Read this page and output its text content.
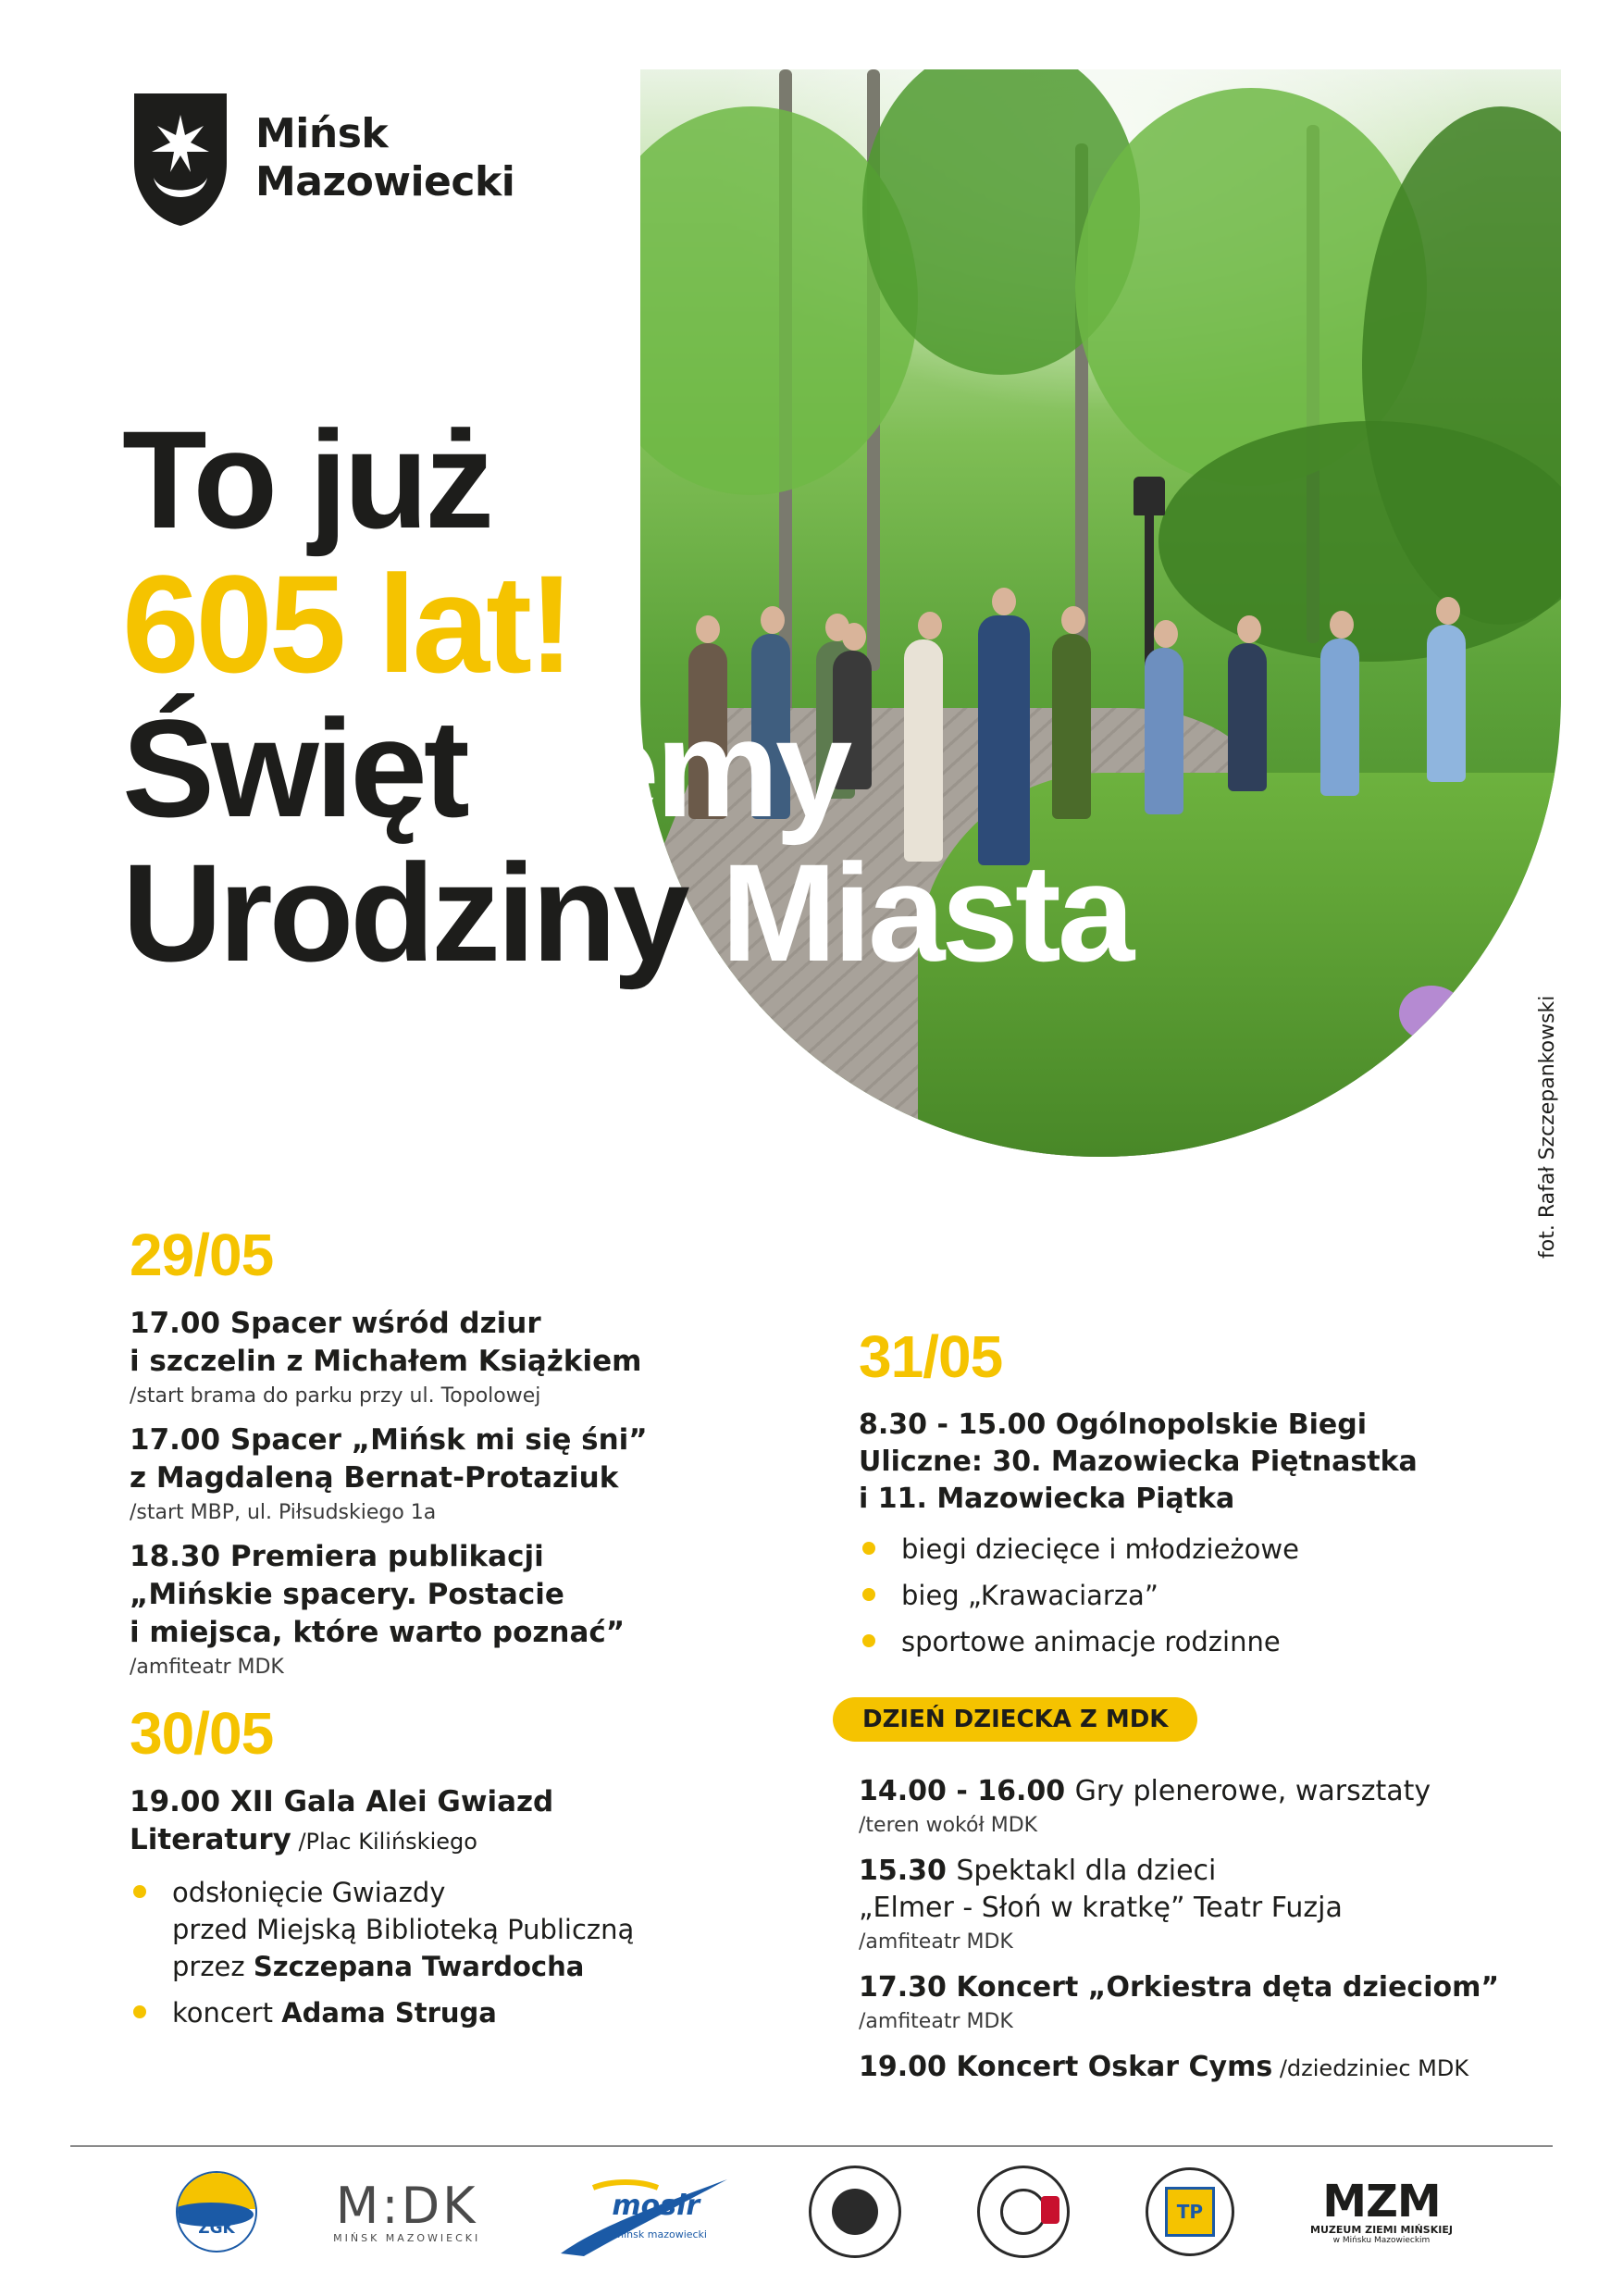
Mińsk
Mazowiecki
To już
605 lat!
Świętujemy
Urodziny Miasta
fot. Rafał Szczepankowski
29/05
17.00 Spacer wśród dziur
i szczelin z Michałem Książkiem
/start brama do parku przy ul. Topolowej
17.00 Spacer „Mińsk mi się śni”
z Magdaleną Bernat-Protaziuk
/start MBP, ul. Piłsudskiego 1a
18.30 Premiera publikacji
„Mińskie spacery. Postacie
i miejsca, które warto poznać”
/amfiteatr MDK
30/05
19.00 XII Gala Alei Gwiazd
Literatury /Plac Kilińskiego
odsłonięcie Gwiazdy
przed Miejską Biblioteką Publiczną
przez Szczepana Twardocha
koncert Adama Struga
31/05
8.30 - 15.00 Ogólnopolskie Biegi
Uliczne: 30. Mazowiecka Piętnastka
i 11. Mazowiecka Piątka
biegi dziecięce i młodzieżowe
bieg „Krawaciarza”
sportowe animacje rodzinne
DZIEŃ DZIECKA Z MDK
14.00 - 16.00 Gry plenerowe, warsztaty
/teren wokół MDK
15.30 Spektakl dla dzieci
„Elmer - Słoń w kratkę” Teatr Fuzja
/amfiteatr MDK
17.30 Koncert „Orkiestra dęta dzieciom”
/amfiteatr MDK
19.00 Koncert Oskar Cyms /dziedziniec MDK
ZGK	M:DK
MIŃSK MAZOWIECKI
mosir
mińsk mazowiecki
TP	MZM
MUZEUM ZIEMI MIŃSKIEJ
w Mińsku Mazowieckim
